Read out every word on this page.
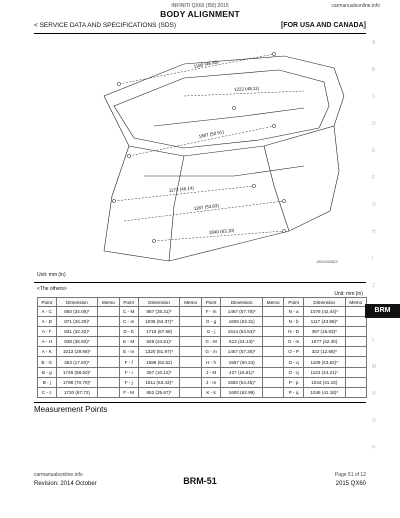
INFINITI QX60 (I50) 2015	carmanualsonline.info
BODY ALIGNMENT
< SERVICE DATA AND SPECIFICATIONS (SDS)	[FOR USA AND CANADA]
1180 (46.46)
1887 (50.91)
1172 (46.14)
1187 (53.83)
1840 (63.10)
1222 (48.11)
JSKIA3458ZZ
Unit: mm (in)
<The others>
Unit: mm (in)
Point	Dimension	Memo	Point	Dimension	Memo	Point	Dimension	Memo	Point	Dimension	Memo
A - C	850 (34.06)*		C - M	887 (35.31)*		F - m	1467 (57.76)*		N - a	1078 (42.44)*	
A - D	871 (34.29)*		C - m	1035 (64.37)*		G - g	1606 (63.31)		N - b	1117 (43.98)*	
A - F	831 (32.32)*		D - E	1719 (67.68)		G - j	1614 (63.54)*		N - D	397 (15.63)*	
A - H	938 (36.93)*		E - M	625 (24.61)*		G - M	613 (24.13)*		O - m	1077 (42.40)	
A - K	1013 (39.88)*		E - m	1320 (51.97)*		G - m	1457 (57.36)*		O - P	322 (12.68)*	
B - G	453 (17.83)*		F - f	1588 (62.52)		H - h	1567 (60.24)		O - q	1108 (43.62)*	
B - g	1746 (68.50)*		F - i	257 (10.12)*		J - M	427 (16.81)*		O - q	1123 (44.21)*	
B - j	1798 (70.79)*		F - j	1611 (63.43)*		J - m	1583 (54.45)*		P - p	1044 (41.10)	
C - c	1720 (67.72)		F - M	652 (25.67)*		K - k	1600 (62.99)		P - q	1046 (41.18)*	
Measurement Points
A
B
C
D
E
F
G
H
I
J
L
M
N
O
P
BRM
carmanualsonline.info	Page 51 of 12
BRM-51
Revision: 2014 October	2015 QX60
